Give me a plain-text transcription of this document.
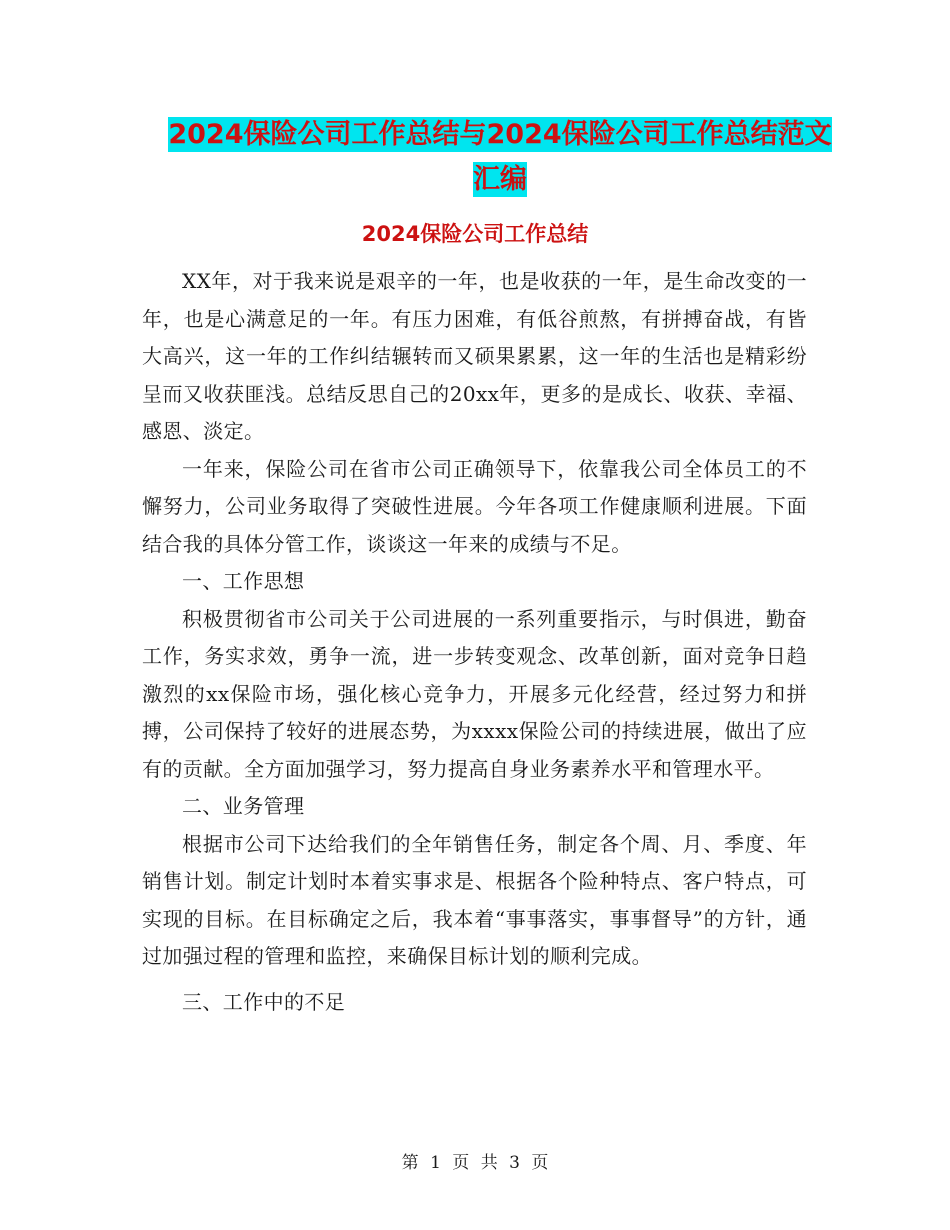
2024保险公司工作总结与2024保险公司工作总结范文
汇编
2024保险公司工作总结

XX年，对于我来说是艰辛的一年，也是收获的一年，是生命改变的一年，也是心满意足的一年。有压力困难，有低谷煎熬，有拼搏奋战，有皆大高兴，这一年的工作纠结辗转而又硕果累累，这一年的生活也是精彩纷呈而又收获匪浅。总结反思自己的20xx年，更多的是成长、收获、幸福、感恩、淡定。

一年来，保险公司在省市公司正确领导下，依靠我公司全体员工的不懈努力，公司业务取得了突破性进展。今年各项工作健康顺利进展。下面结合我的具体分管工作，谈谈这一年来的成绩与不足。

一、工作思想

积极贯彻省市公司关于公司进展的一系列重要指示，与时俱进，勤奋工作，务实求效，勇争一流，进一步转变观念、改革创新，面对竞争日趋激烈的xx保险市场，强化核心竞争力，开展多元化经营，经过努力和拼搏，公司保持了较好的进展态势，为xxxx保险公司的持续进展，做出了应有的贡献。全方面加强学习，努力提高自身业务素养水平和管理水平。

二、业务管理

根据市公司下达给我们的全年销售任务，制定各个周、月、季度、年销售计划。制定计划时本着实事求是、根据各个险种特点、客户特点，可实现的目标。在目标确定之后，我本着“事事落实，事事督导”的方针，通过加强过程的管理和监控，来确保目标计划的顺利完成。

三、工作中的不足

第 1 页 共 3 页
